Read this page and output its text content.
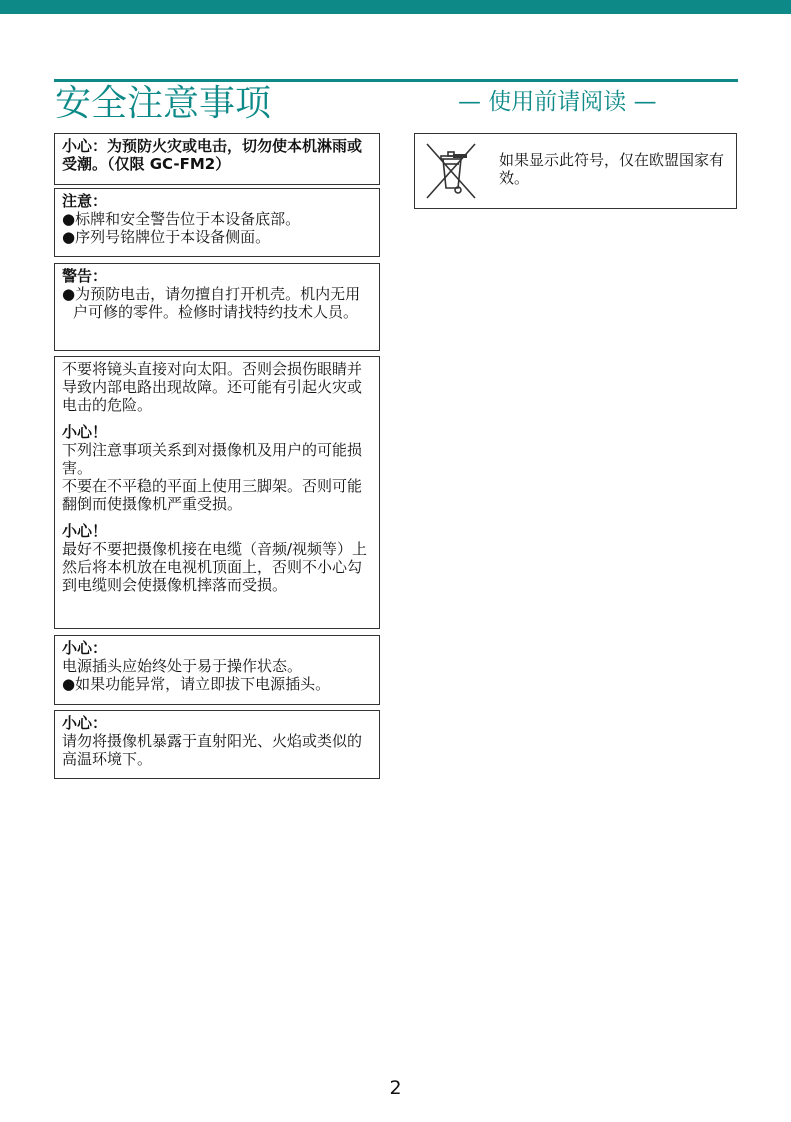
安全注意事项	— 使用前请阅读 —

小心：为预防火灾或电击，切勿使本机淋雨或受潮。（仅限 GC-FM2）

注意：

●标牌和安全警告位于本设备底部。

●序列号铭牌位于本设备侧面。

警告：

●为预防电击，请勿擅自打开机壳。机内无用户可修的零件。检修时请找特约技术人员。

不要将镜头直接对向太阳。否则会损伤眼睛并导致内部电路出现故障。还可能有引起火灾或电击的危险。

小心！

下列注意事项关系到对摄像机及用户的可能损害。

不要在不平稳的平面上使用三脚架。否则可能翻倒而使摄像机严重受损。

小心！

最好不要把摄像机接在电缆（音频/视频等）上然后将本机放在电视机顶面上，否则不小心勾到电缆则会使摄像机摔落而受损。

小心：

电源插头应始终处于易于操作状态。

●如果功能异常，请立即拔下电源插头。

小心：

请勿将摄像机暴露于直射阳光、火焰或类似的高温环境下。

如果显示此符号，仅在欧盟国家有效。

2
